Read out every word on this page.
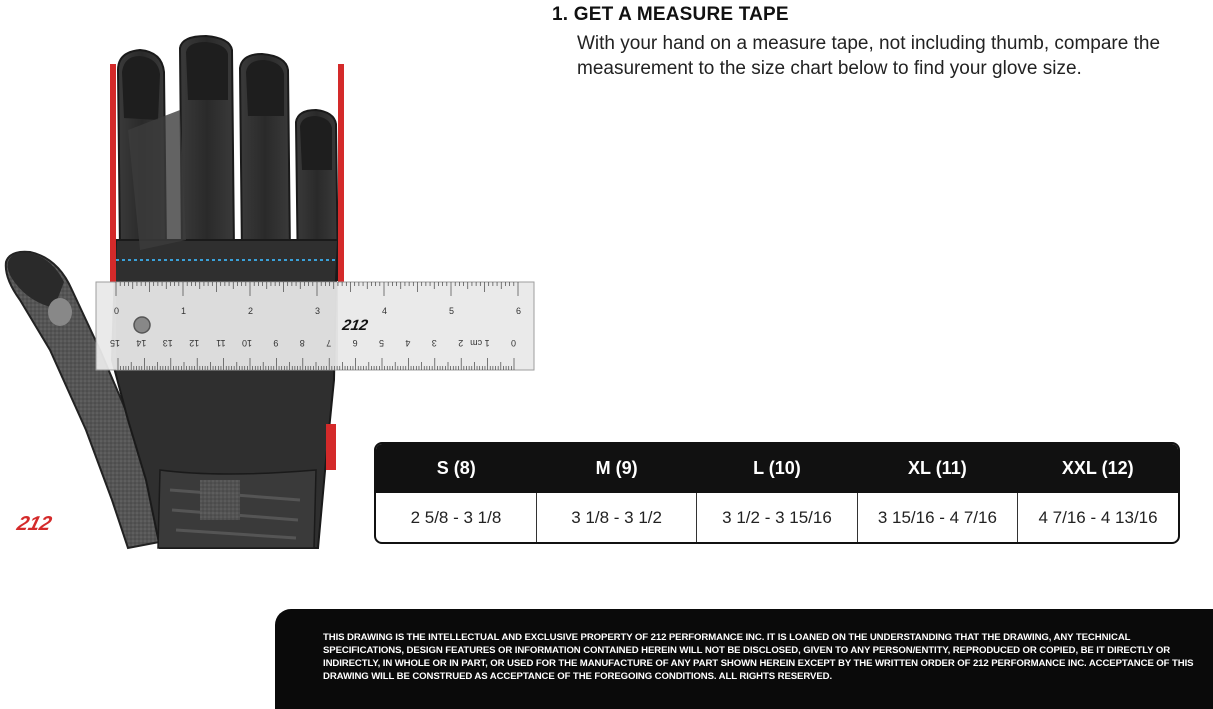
212
0	1	2	3	4	5	6
15 14 13 12 11 10 9 8 7 6 5 4 3 2 1 cm 0
212
1. GET A MEASURE TAPE
With your hand on a measure tape, not including thumb, compare the measurement to the size chart below to find your glove size.
S (8)	M (9)	L (10)	XL (11)	XXL (12)
2 5/8 - 3 1/8	3 1/8 - 3 1/2	3 1/2 - 3 15/16	3 15/16 - 4 7/16	4 7/16 - 4 13/16

THIS DRAWING IS THE INTELLECTUAL AND EXCLUSIVE PROPERTY OF 212 PERFORMANCE INC. IT IS LOANED ON THE UNDERSTANDING THAT THE DRAWING, ANY TECHNICAL SPECIFICATIONS, DESIGN FEATURES OR INFORMATION CONTAINED HEREIN WILL NOT BE DISCLOSED, GIVEN TO ANY PERSON/ENTITY, REPRODUCED OR COPIED, BE IT DIRECTLY OR INDIRECTLY, IN WHOLE OR IN PART, OR USED FOR THE MANUFACTURE OF ANY PART SHOWN HEREIN EXCEPT BY THE WRITTEN ORDER OF 212 PERFORMANCE INC. ACCEPTANCE OF THIS DRAWING WILL BE CONSTRUED AS ACCEPTANCE OF THE FOREGOING CONDITIONS. ALL RIGHTS RESERVED.
